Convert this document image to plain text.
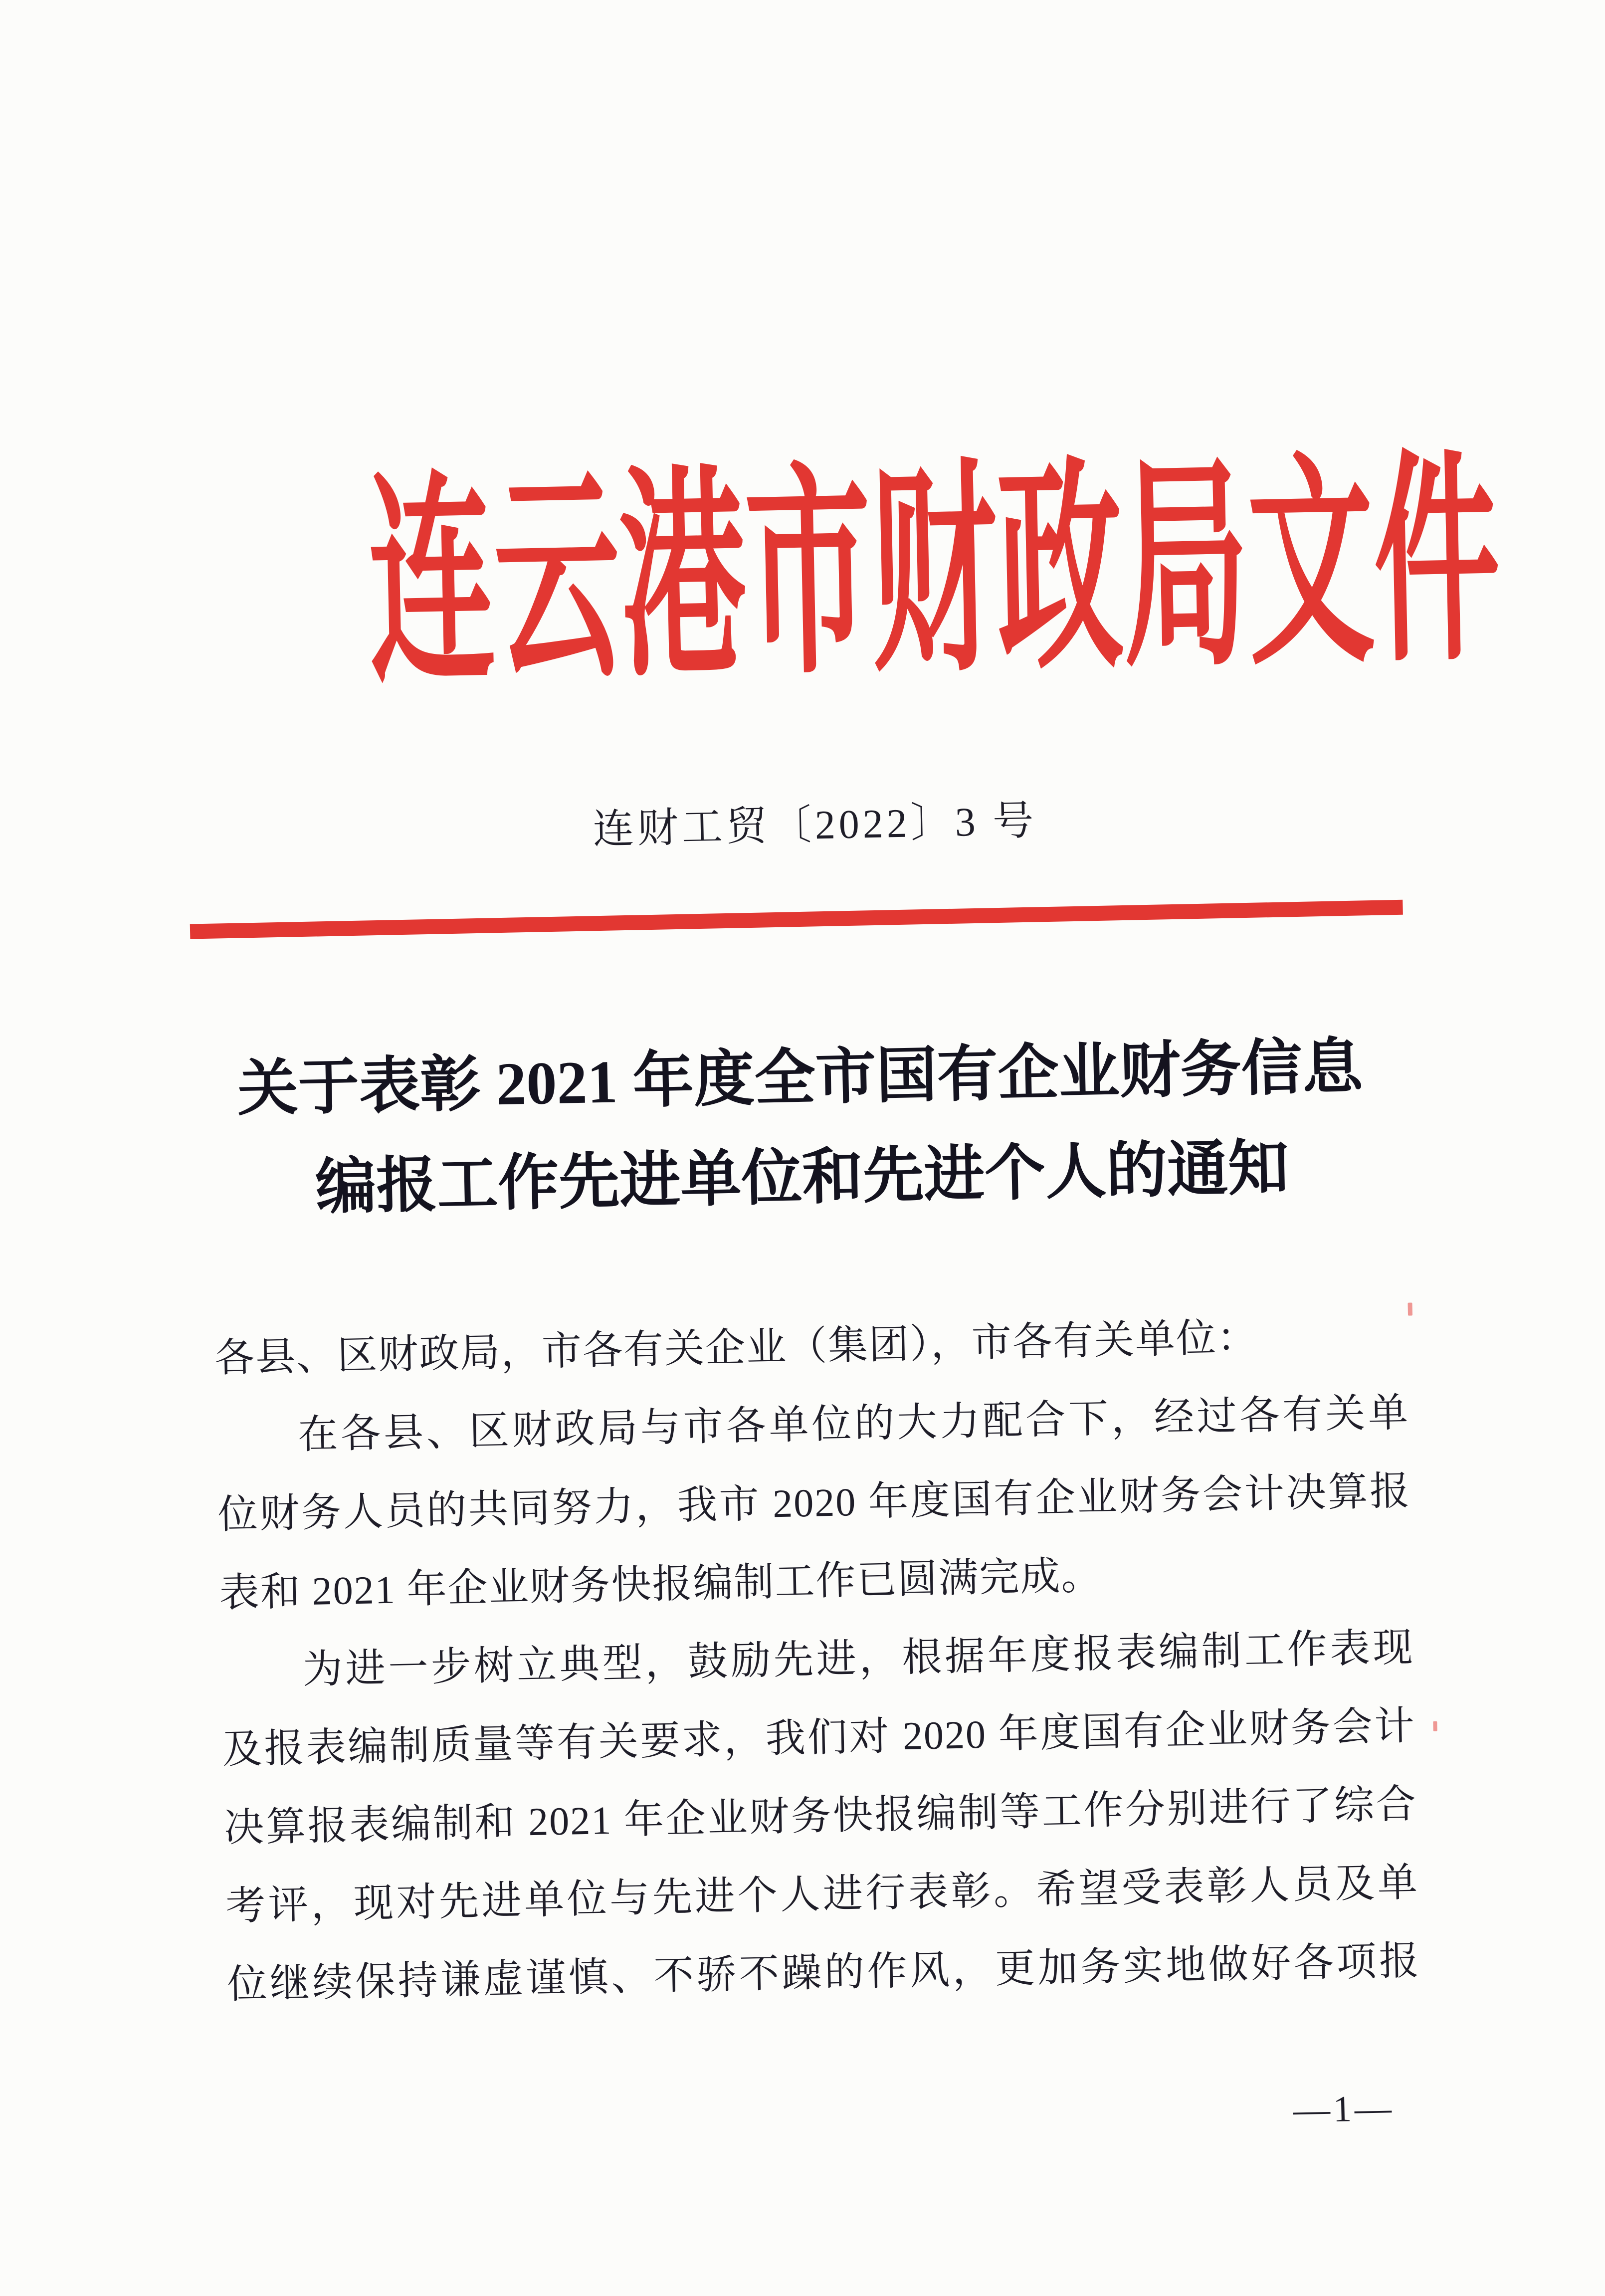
连云港市财政局文件
连财工贸〔2022〕3 号
关于表彰 2021 年度全市国有企业财务信息
编报工作先进单位和先进个人的通知
各县、区财政局，市各有关企业（集团），市各有关单位：
在各县、区财政局与市各单位的大力配合下，经过各有关单
位财务人员的共同努力，我市 2020 年度国有企业财务会计决算报
表和 2021 年企业财务快报编制工作已圆满完成。
为进一步树立典型，鼓励先进，根据年度报表编制工作表现
及报表编制质量等有关要求，我们对 2020 年度国有企业财务会计
决算报表编制和 2021 年企业财务快报编制等工作分别进行了综合
考评，现对先进单位与先进个人进行表彰。希望受表彰人员及单
位继续保持谦虚谨慎、不骄不躁的作风，更加务实地做好各项报
—1—
